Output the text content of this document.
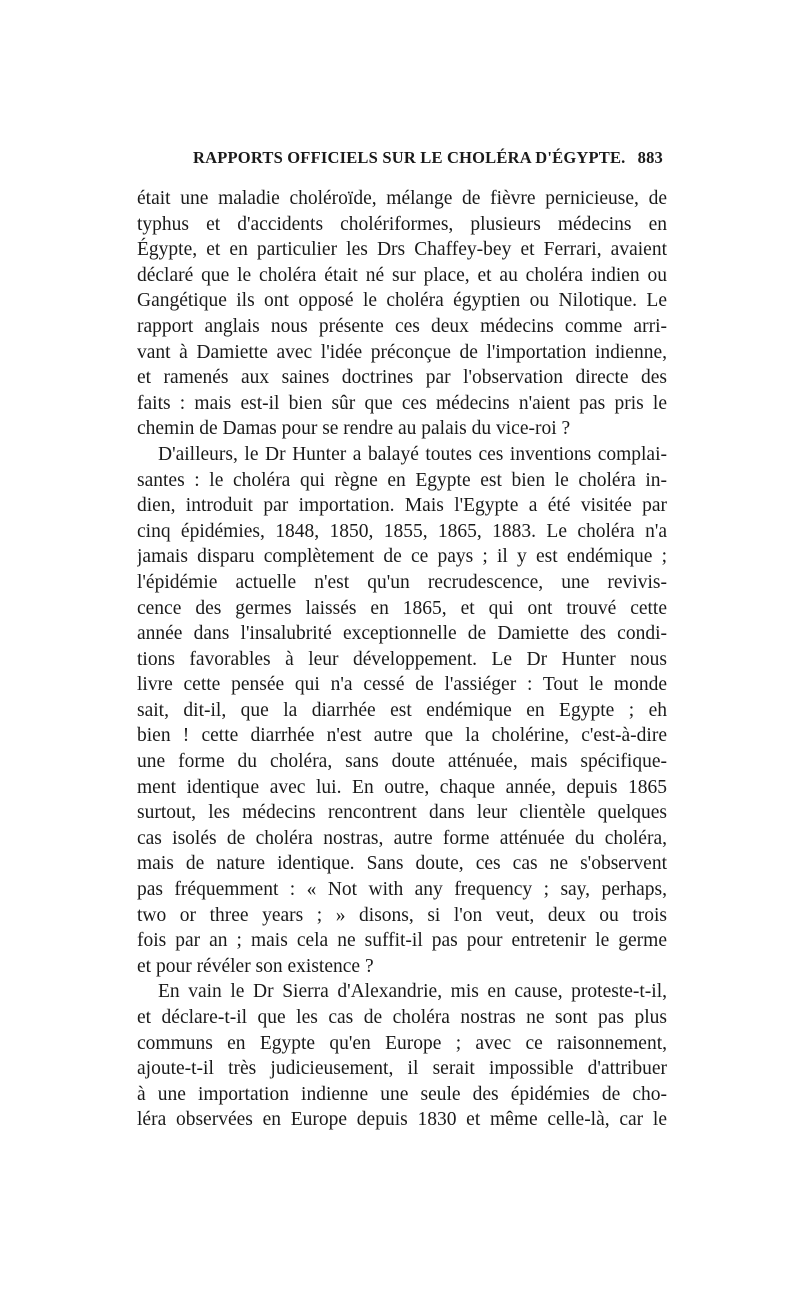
RAPPORTS OFFICIELS SUR LE CHOLÉRA D'ÉGYPTE. 883
était une maladie choléroïde, mélange de fièvre pernicieuse, de
typhus et d'accidents cholériformes, plusieurs médecins en
Égypte, et en particulier les Drs Chaffey-bey et Ferrari, avaient
déclaré que le choléra était né sur place, et au choléra indien ou
Gangétique ils ont opposé le choléra égyptien ou Nilotique. Le
rapport anglais nous présente ces deux médecins comme arri-
vant à Damiette avec l'idée préconçue de l'importation indienne,
et ramenés aux saines doctrines par l'observation directe des
faits : mais est-il bien sûr que ces médecins n'aient pas pris le
chemin de Damas pour se rendre au palais du vice-roi ?
D'ailleurs, le Dr Hunter a balayé toutes ces inventions complai-
santes : le choléra qui règne en Egypte est bien le choléra in-
dien, introduit par importation. Mais l'Egypte a été visitée par
cinq épidémies, 1848, 1850, 1855, 1865, 1883. Le choléra n'a
jamais disparu complètement de ce pays ; il y est endémique ;
l'épidémie actuelle n'est qu'un recrudescence, une revivis-
cence des germes laissés en 1865, et qui ont trouvé cette
année dans l'insalubrité exceptionnelle de Damiette des condi-
tions favorables à leur développement. Le Dr Hunter nous
livre cette pensée qui n'a cessé de l'assiéger : Tout le monde
sait, dit-il, que la diarrhée est endémique en Egypte ; eh
bien ! cette diarrhée n'est autre que la cholérine, c'est-à-dire
une forme du choléra, sans doute atténuée, mais spécifique-
ment identique avec lui. En outre, chaque année, depuis 1865
surtout, les médecins rencontrent dans leur clientèle quelques
cas isolés de choléra nostras, autre forme atténuée du choléra,
mais de nature identique. Sans doute, ces cas ne s'observent
pas fréquemment : « Not with any frequency ; say, perhaps,
two or three years ; » disons, si l'on veut, deux ou trois
fois par an ; mais cela ne suffit-il pas pour entretenir le germe
et pour révéler son existence ?
En vain le Dr Sierra d'Alexandrie, mis en cause, proteste-t-il,
et déclare-t-il que les cas de choléra nostras ne sont pas plus
communs en Egypte qu'en Europe ; avec ce raisonnement,
ajoute-t-il très judicieusement, il serait impossible d'attribuer
à une importation indienne une seule des épidémies de cho-
léra observées en Europe depuis 1830 et même celle-là, car le
